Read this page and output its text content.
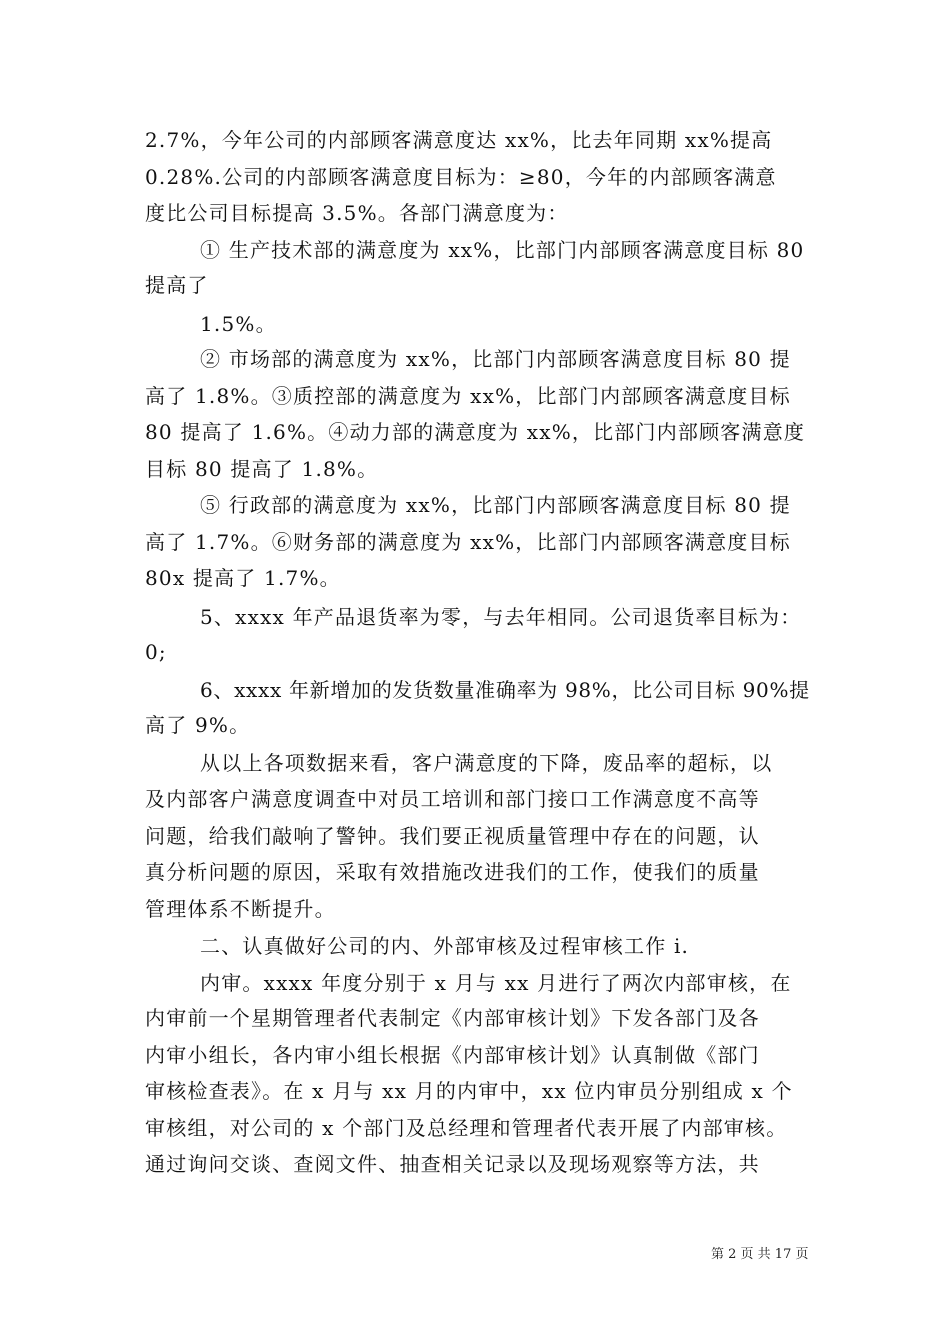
2.7%，今年公司的内部顾客满意度达 xx%，比去年同期 xx%提高
0.28%.公司的内部顾客满意度目标为：≥80，今年的内部顾客满意
度比公司目标提高 3.5%。各部门满意度为：
① 生产技术部的满意度为 xx%，比部门内部顾客满意度目标 80
提高了
1.5%。
② 市场部的满意度为 xx%，比部门内部顾客满意度目标 80 提
高了 1.8%。③质控部的满意度为 xx%，比部门内部顾客满意度目标
80 提高了 1.6%。④动力部的满意度为 xx%，比部门内部顾客满意度
目标 80 提高了 1.8%。
⑤ 行政部的满意度为 xx%，比部门内部顾客满意度目标 80 提
高了 1.7%。⑥财务部的满意度为 xx%，比部门内部顾客满意度目标
80x 提高了 1.7%。
5、xxxx 年产品退货率为零，与去年相同。公司退货率目标为：
0;
6、xxxx 年新增加的发货数量准确率为 98%，比公司目标 90%提
高了 9%。
从以上各项数据来看，客户满意度的下降，废品率的超标，以
及内部客户满意度调查中对员工培训和部门接口工作满意度不高等
问题，给我们敲响了警钟。我们要正视质量管理中存在的问题，认
真分析问题的原因，采取有效措施改进我们的工作，使我们的质量
管理体系不断提升。
二、认真做好公司的内、外部审核及过程审核工作 i.
内审。xxxx 年度分别于 x 月与 xx 月进行了两次内部审核，在
内审前一个星期管理者代表制定《内部审核计划》下发各部门及各
内审小组长，各内审小组长根据《内部审核计划》认真制做《部门
审核检查表》。在 x 月与 xx 月的内审中，xx 位内审员分别组成 x 个
审核组，对公司的 x 个部门及总经理和管理者代表开展了内部审核。
通过询问交谈、查阅文件、抽查相关记录以及现场观察等方法，共
第 2 页 共 17 页
